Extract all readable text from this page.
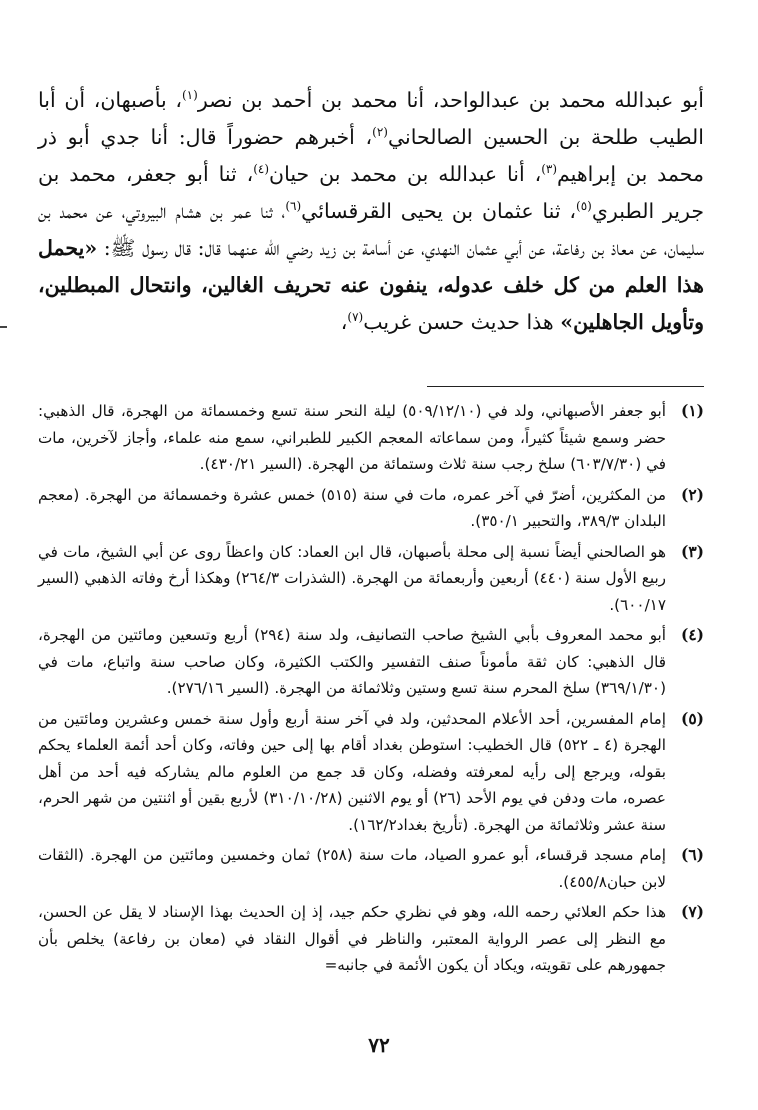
أبو عبدالله محمد بن عبدالواحد، أنا محمد بن أحمد بن نصر$^{(١)}$، بأصبهان، أن أبا الطيب طلحة بن الحسين الصالحاني$^{(٢)}$، أخبرهم حضوراً قال: أنا جدي أبو ذر محمد بن إبراهيم$^{(٣)}$، أنا عبدالله بن محمد بن حيان$^{(٤)}$، ثنا أبو جعفر، محمد بن جرير الطبري$^{(٥)}$، ثنا عثمان بن يحيى القرقسائي$^{(٦)}$، ثنا عمر بن هشام البيروتي، عن محمد بن سليمان، عن معاذ بن رفاعة، عن أبي عثمان النهدي، عن أسامة بن زيد رضي الله عنهما قال: قال رسول ﷺ: «يحمل هذا العلم من كل خلف عدوله، ينفون عنه تحريف الغالين، وانتحال المبطلين، وتأويل الجاهلين» هذا حديث حسن غريب$^{(٧)}$،

(١)
أبو جعفر الأصبهاني، ولد في (٥٠٩/١٢/١٠) ليلة النحر سنة تسع وخمسمائة من الهجرة، قال الذهبي: حضر وسمع شيئاً كثيراً، ومن سماعاته المعجم الكبير للطبراني، سمع منه علماء، وأجاز لآخرين، مات في (٦٠٣/٧/٣٠) سلخ رجب سنة ثلاث وستمائة من الهجرة. (السير ٤٣٠/٢١).
(٢)
من المكثرين، أضرّ في آخر عمره، مات في سنة (٥١٥) خمس عشرة وخمسمائة من الهجرة. (معجم البلدان ٣٨٩/٣، والتحبير ٣٥٠/١).
(٣)
هو الصالحني أيضاً نسبة إلى محلة بأصبهان، قال ابن العماد: كان واعظاً روى عن أبي الشيخ، مات في ربيع الأول سنة (٤٤٠) أربعين وأربعمائة من الهجرة. (الشذرات ٢٦٤/٣) وهكذا أرخ وفاته الذهبي (السير ٦٠٠/١٧).
(٤)
أبو محمد المعروف بأبي الشيخ صاحب التصانيف، ولد سنة (٢٩٤) أربع وتسعين ومائتين من الهجرة، قال الذهبي: كان ثقة مأموناً صنف التفسير والكتب الكثيرة، وكان صاحب سنة واتباع، مات في (٣٦٩/١/٣٠) سلخ المحرم سنة تسع وستين وثلاثمائة من الهجرة. (السير ٢٧٦/١٦).
(٥)
إمام المفسرين، أحد الأعلام المحدثين، ولد في آخر سنة أربع وأول سنة خمس وعشرين ومائتين من الهجرة (٤ ـ ٥٢٢) قال الخطيب: استوطن بغداد أقام بها إلى حين وفاته، وكان أحد أئمة العلماء يحكم بقوله، ويرجع إلى رأيه لمعرفته وفضله، وكان قد جمع من العلوم مالم يشاركه فيه أحد من أهل عصره، مات ودفن في يوم الأحد (٢٦) أو يوم الاثنين (٣١٠/١٠/٢٨) لأربع بقين أو اثنتين من شهر الحرم، سنة عشر وثلاثمائة من الهجرة. (تأريخ بغداد١٦٢/٢).
(٦)
إمام مسجد قرقساء، أبو عمرو الصياد، مات سنة (٢٥٨) ثمان وخمسين ومائتين من الهجرة. (الثقات لابن حبان٤٥٥/٨).
(٧)
هذا حكم العلائي رحمه الله، وهو في نظري حكم جيد، إذ إن الحديث بهذا الإسناد لا يقل عن الحسن، مع النظر إلى عصر الرواية المعتبر، والناظر في أقوال النقاد في (معان بن رفاعة) يخلص بأن جمهورهم على تقويته، ويكاد أن يكون الأئمة في جانبه=
٧٢
